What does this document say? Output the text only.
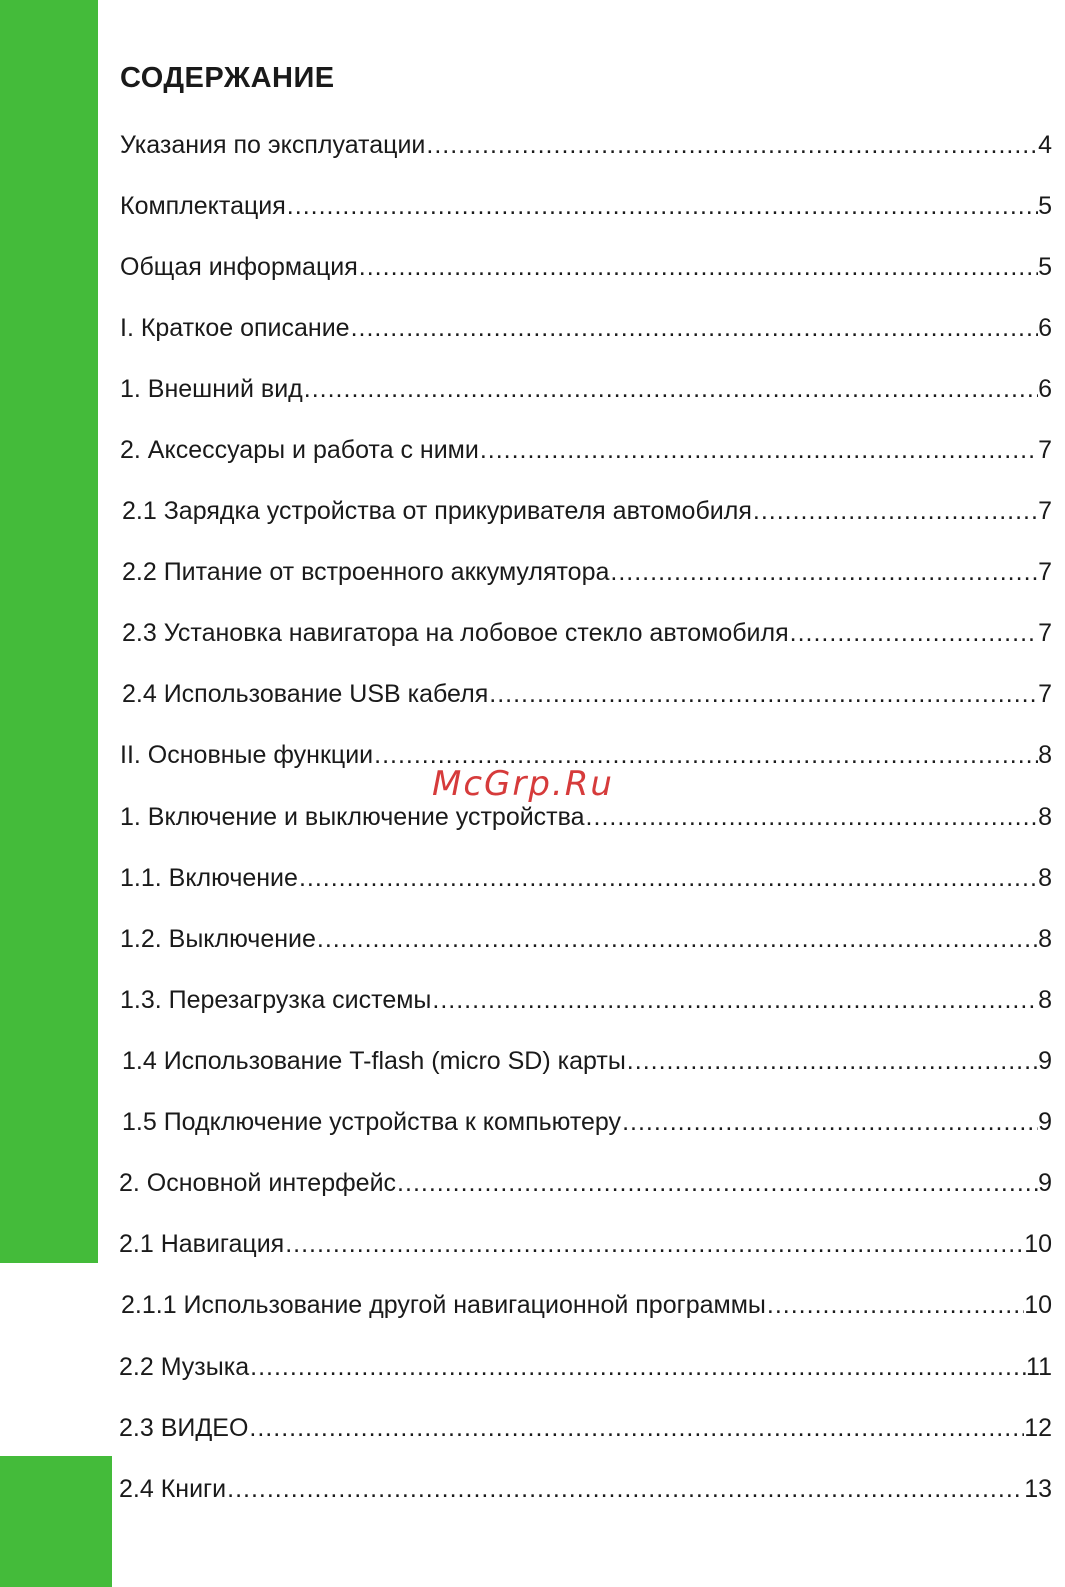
СОДЕРЖАНИЕ
Указания по эксплуатации .....	4
Комплектация .....	5
Общая информация .....	5
I. Краткое описание .....	6
1. Внешний вид .....	6
2. Аксессуары и работа с ними .....	7
2.1 Зарядка устройства от прикуривателя автомобиля .....	7
2.2 Питание от встроенного аккумулятора .....	7
2.3 Установка навигатора на лобовое стекло автомобиля .....	7
2.4 Использование USB кабеля .....	7
II. Основные функции .....	8
1. Включение и выключение устройства .....	8
1.1. Включение .....	8
1.2. Выключение .....	8
1.3. Перезагрузка системы .....	8
1.4 Использование T-flash (micro SD) карты .....	9
1.5 Подключение устройства к компьютеру .....	9
2. Основной интерфейс .....	9
2.1 Навигация .....	10
2.1.1 Использование другой навигационной программы .....	10
2.2 Музыка .....	11
2.3 ВИДЕО .....	12
2.4 Книги .....	13
McGrp.Ru
